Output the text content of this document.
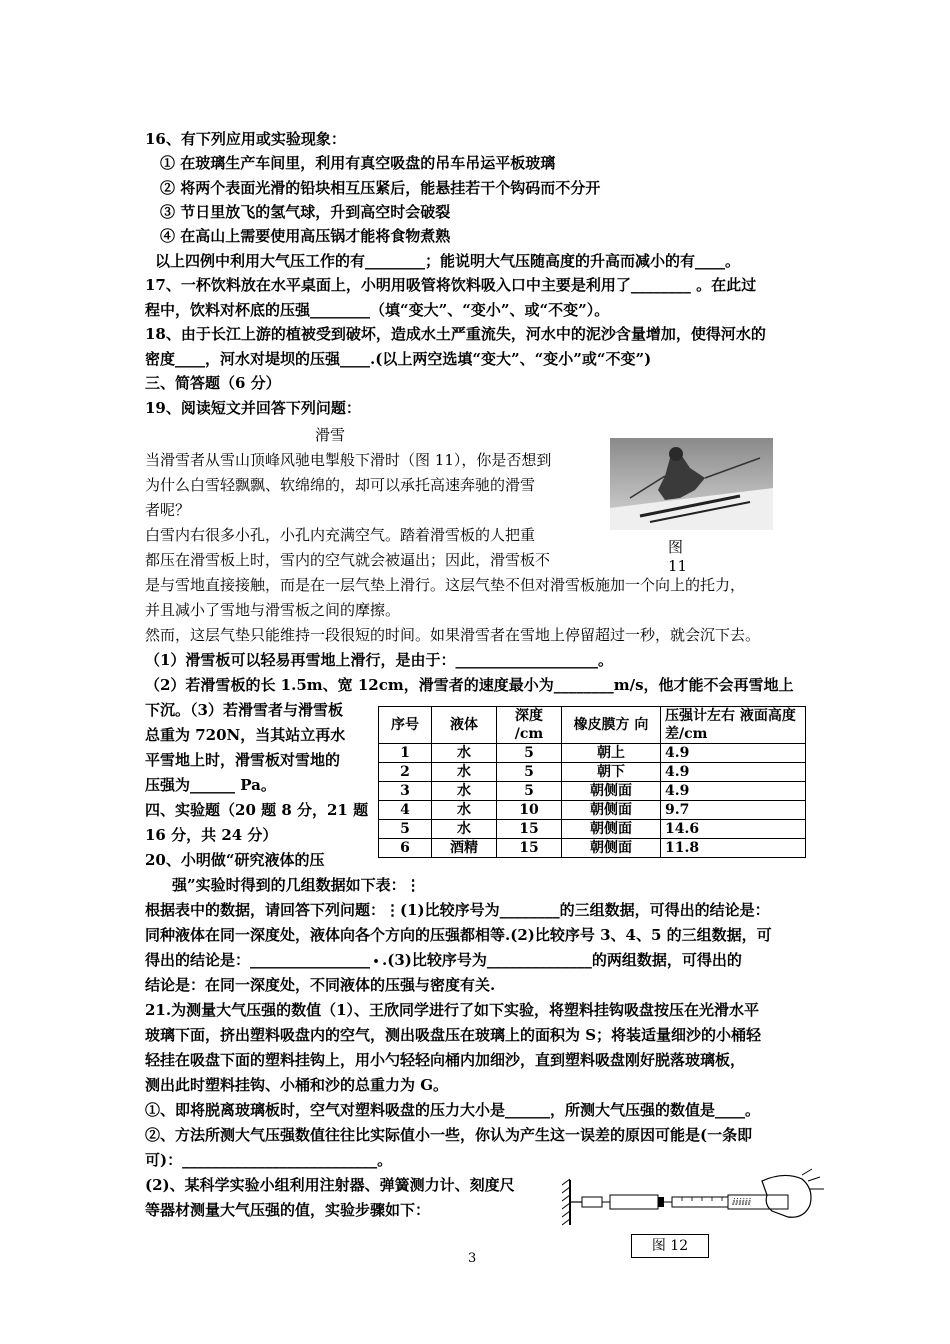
16、有下列应用或实验现象：
① 在玻璃生产车间里，利用有真空吸盘的吊车吊运平板玻璃
② 将两个表面光滑的铅块相互压紧后，能悬挂若干个钩码而不分开
③ 节日里放飞的氢气球，升到高空时会破裂
④ 在高山上需要使用高压锅才能将食物煮熟
以上四例中利用大气压工作的有________；能说明大气压随高度的升高而减小的有____。
17、一杯饮料放在水平桌面上，小明用吸管将饮料吸入口中主要是利用了________ 。在此过
程中，饮料对杯底的压强________（填“变大”、“变小”、或“不变”）。
18、由于长江上游的植被受到破坏，造成水土严重流失，河水中的泥沙含量增加，使得河水的
密度____，河水对堤坝的压强____.(以上两空选填“变大”、“变小”或“不变”)
三、简答题（6 分）
19、阅读短文并回答下列问题：
滑雪
当滑雪者从雪山顶峰风驰电掣般下滑时（图 11），你是否想到
为什么白雪轻飘飘、软绵绵的，却可以承托高速奔驰的滑雪
者呢？
白雪内右很多小孔，小孔内充满空气。踏着滑雪板的人把重
都压在滑雪板上时，雪内的空气就会被逼出；因此，滑雪板不
是与雪地直接接触，而是在一层气垫上滑行。这层气垫不但对滑雪板施加一个向上的托力，
并且减小了雪地与滑雪板之间的摩擦。
然而，这层气垫只能维持一段很短的时间。如果滑雪者在雪地上停留超过一秒，就会沉下去。
图
11
（1）滑雪板可以轻易再雪地上滑行，是由于：___________________。
（2）若滑雪板的长 1.5m、宽 12cm，滑雪者的速度最小为________m/s，他才能不会再雪地上
下沉。（3）若滑雪者与滑雪板
总重为 720N，当其站立再水
平雪地上时，滑雪板对雪地的
压强为______ Pa。
四、实验题（20 题 8 分，21 题
16 分，共 24 分）
序号	液体	深度 /cm	橡皮膜方 向	压强计左右 液面高度差/cm
1	水	5	朝上	4.9
2	水	5	朝下	4.9
3	水	5	朝侧面	4.9
4	水	10	朝侧面	9.7
5	水	15	朝侧面	14.6
6	酒精	15	朝侧面	11.8
20、小明做“研究液体的压
强”实验时得到的几组数据如下表：⋮
根据表中的数据，请回答下列问题：⋮(1)比较序号为________的三组数据，可得出的结论是：
同种液体在同一深度处，液体向各个方向的压强都相等.(2)比较序号 3、4、5 的三组数据，可
得出的结论是：________________ • .(3)比较序号为______________的两组数据，可得出的
结论是：在同一深度处，不同液体的压强与密度有关.
21.为测量大气压强的数值（1）、王欣同学进行了如下实验，将塑料挂钩吸盘按压在光滑水平
玻璃下面，挤出塑料吸盘内的空气，测出吸盘压在玻璃上的面积为 S；将装适量细沙的小桶轻
轻挂在吸盘下面的塑料挂钩上，用小勺轻轻向桶内加细沙，直到塑料吸盘刚好脱落玻璃板，
测出此时塑料挂钩、小桶和沙的总重力为 G。
①、即将脱离玻璃板时，空气对塑料吸盘的压力大小是______，所测大气压强的数值是____。
②、方法所测大气压强数值往往比实际值小一些，你认为产生这一误差的原因可能是(一条即
可)：__________________________。
(2)、某科学实验小组利用注射器、弹簧测力计、刻度尺
等器材测量大气压强的值，实验步骤如下：	ⅈⅈⅈⅈⅈⅈ
图 12
3
